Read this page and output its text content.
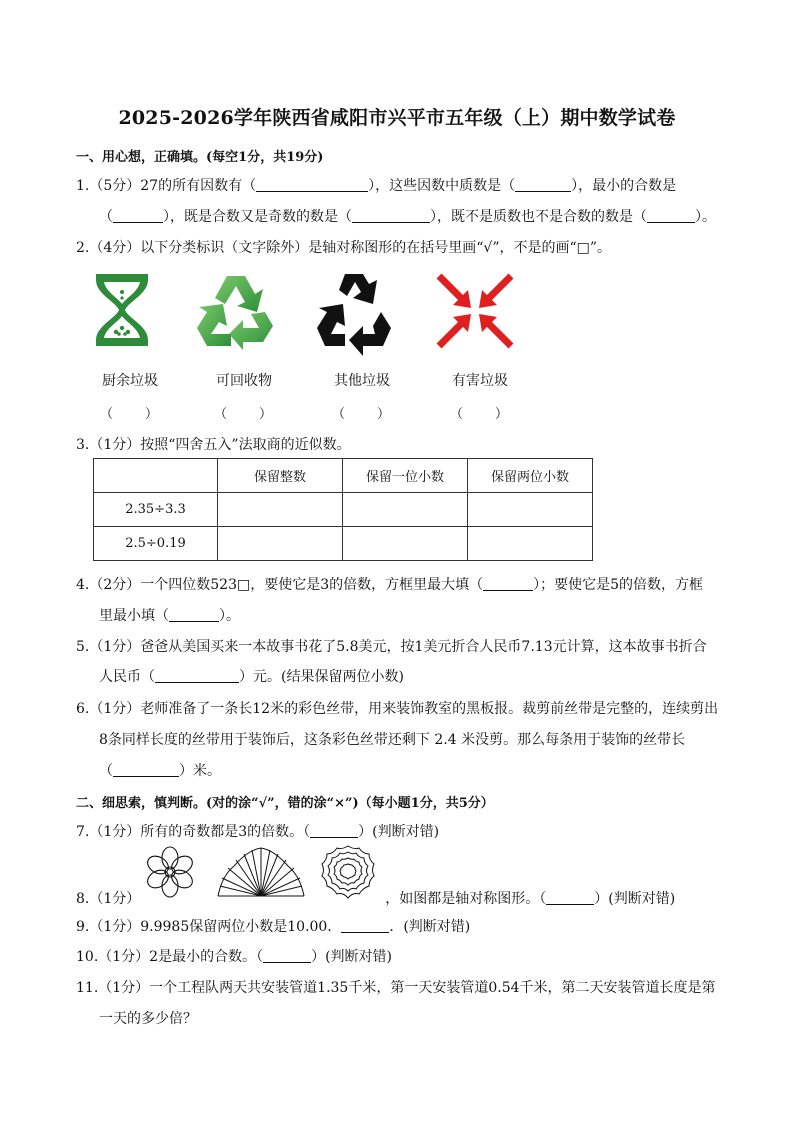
2025-2026学年陕西省咸阳市兴平市五年级（上）期中数学试卷
一、用心想，正确填。(每空1分，共19分)
1.（5分）27的所有因数有（	），这些因数中质数是（	），最小的合数是
（	），既是合数又是奇数的数是（	），既不是质数也不是合数的数是（	）。
2.（4分）以下分类标识（文字除外）是轴对称图形的在括号里画“√”，不是的画“□”。
厨余垃圾	可回收物	其他垃圾	有害垃圾
（　　）	（　　）	（　　）	（　　）
3.（1分）按照“四舍五入”法取商的近似数。
	保留整数	保留一位小数	保留两位小数
2.35÷3.3			
2.5÷0.19			
4.（2分）一个四位数523□，要使它是3的倍数，方框里最大填（	）；要使它是5的倍数，方框
里最小填（	）。
5.（1分）爸爸从美国买来一本故事书花了5.8美元，按1美元折合人民币7.13元计算，这本故事书折合
人民币（	）元。(结果保留两位小数)
6.（1分）老师准备了一条长12米的彩色丝带，用来装饰教室的黑板报。裁剪前丝带是完整的，连续剪出
8条同样长度的丝带用于装饰后，这条彩色丝带还剩下 2.4 米没剪。那么每条用于装饰的丝带长
（	）米。
二、细思索，慎判断。(对的涂“√”，错的涂“×”)（每小题1分，共5分）
7.（1分）所有的奇数都是3的倍数。（	）(判断对错)
8.（1分）	，如图都是轴对称图形。（	）(判断对错)
9.（1分）9.9985保留两位小数是10.00．	．(判断对错)
10.（1分）2是最小的合数。（	）(判断对错)
11.（1分）一个工程队两天共安装管道1.35千米，第一天安装管道0.54千米，第二天安装管道长度是第
一天的多少倍？
